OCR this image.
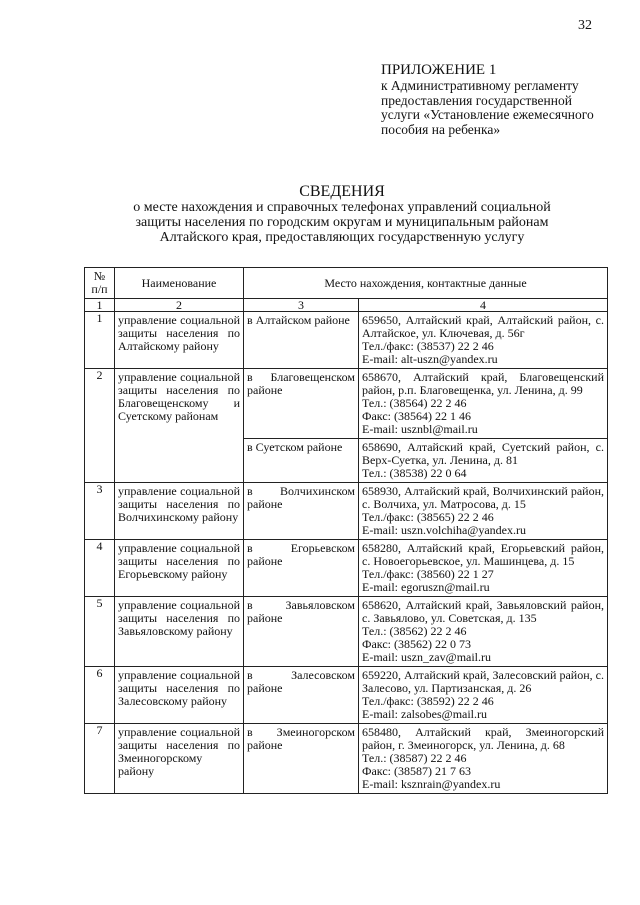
32
ПРИЛОЖЕНИЕ 1
к Административному регламенту предоставления государственной услуги «Установление ежемесячного пособия на ребенка»
СВЕДЕНИЯ
о месте нахождения и справочных телефонах управлений социальной защиты населения по городским округам и муниципальным районам Алтайского края, предоставляющих государственную услугу
№ п/п	Наименование	Место нахождения, контактные данные	
1	2	3	4
1	управление социальной защиты населения по Алтайскому району	в Алтайском районе	659650, Алтайский край, Алтайский район, с. Алтайское, ул. Ключевая, д. 56г
Тел./факс: (38537) 22 2 46
E-mail: alt-uszn@yandex.ru
2	управление социальной защиты населения по Благовещенскому и Суетскому районам	в Благовещенском районе	658670, Алтайский край, Благовещенский район, р.п. Благовещенка, ул. Ленина, д. 99
Тел.: (38564) 22 2 46
Факс: (38564) 22 1 46
E-mail: usznbl@mail.ru
		в Суетском районе	658690, Алтайский край, Суетский район, с. Верх-Суетка, ул. Ленина, д. 81
Тел.: (38538) 22 0 64
3	управление социальной защиты населения по Волчихинскому району	в Волчихинском районе	658930, Алтайский край, Волчихинский район, с. Волчиха, ул. Матросова, д. 15
Тел./факс: (38565) 22 2 46
E-mail: uszn.volchiha@yandex.ru
4	управление социальной защиты населения по Егорьевскому району	в Егорьевском районе	658280, Алтайский край, Егорьевский район, с. Новоегорьевское, ул. Машинцева, д. 15
Тел./факс: (38560) 22 1 27
E-mail: egoruszn@mail.ru
5	управление социальной защиты населения по Завьяловскому району	в Завьяловском районе	658620, Алтайский край, Завьяловский район, с. Завьялово, ул. Советская, д. 135
Тел.: (38562) 22 2 46
Факс: (38562) 22 0 73
E-mail: uszn_zav@mail.ru
6	управление социальной защиты населения по Залесовскому району	в Залесовском районе	659220, Алтайский край, Залесовский район, с. Залесово, ул. Партизанская, д. 26
Тел./факс: (38592) 22 2 46
E-mail: zalsobes@mail.ru
7	управление социальной защиты населения по Змеиногорскому району	в Змеиногорском районе	658480, Алтайский край, Змеиногорский район, г. Змеиногорск, ул. Ленина, д. 68
Тел.: (38587) 22 2 46
Факс: (38587) 21 7 63
E-mail: ksznrain@yandex.ru
